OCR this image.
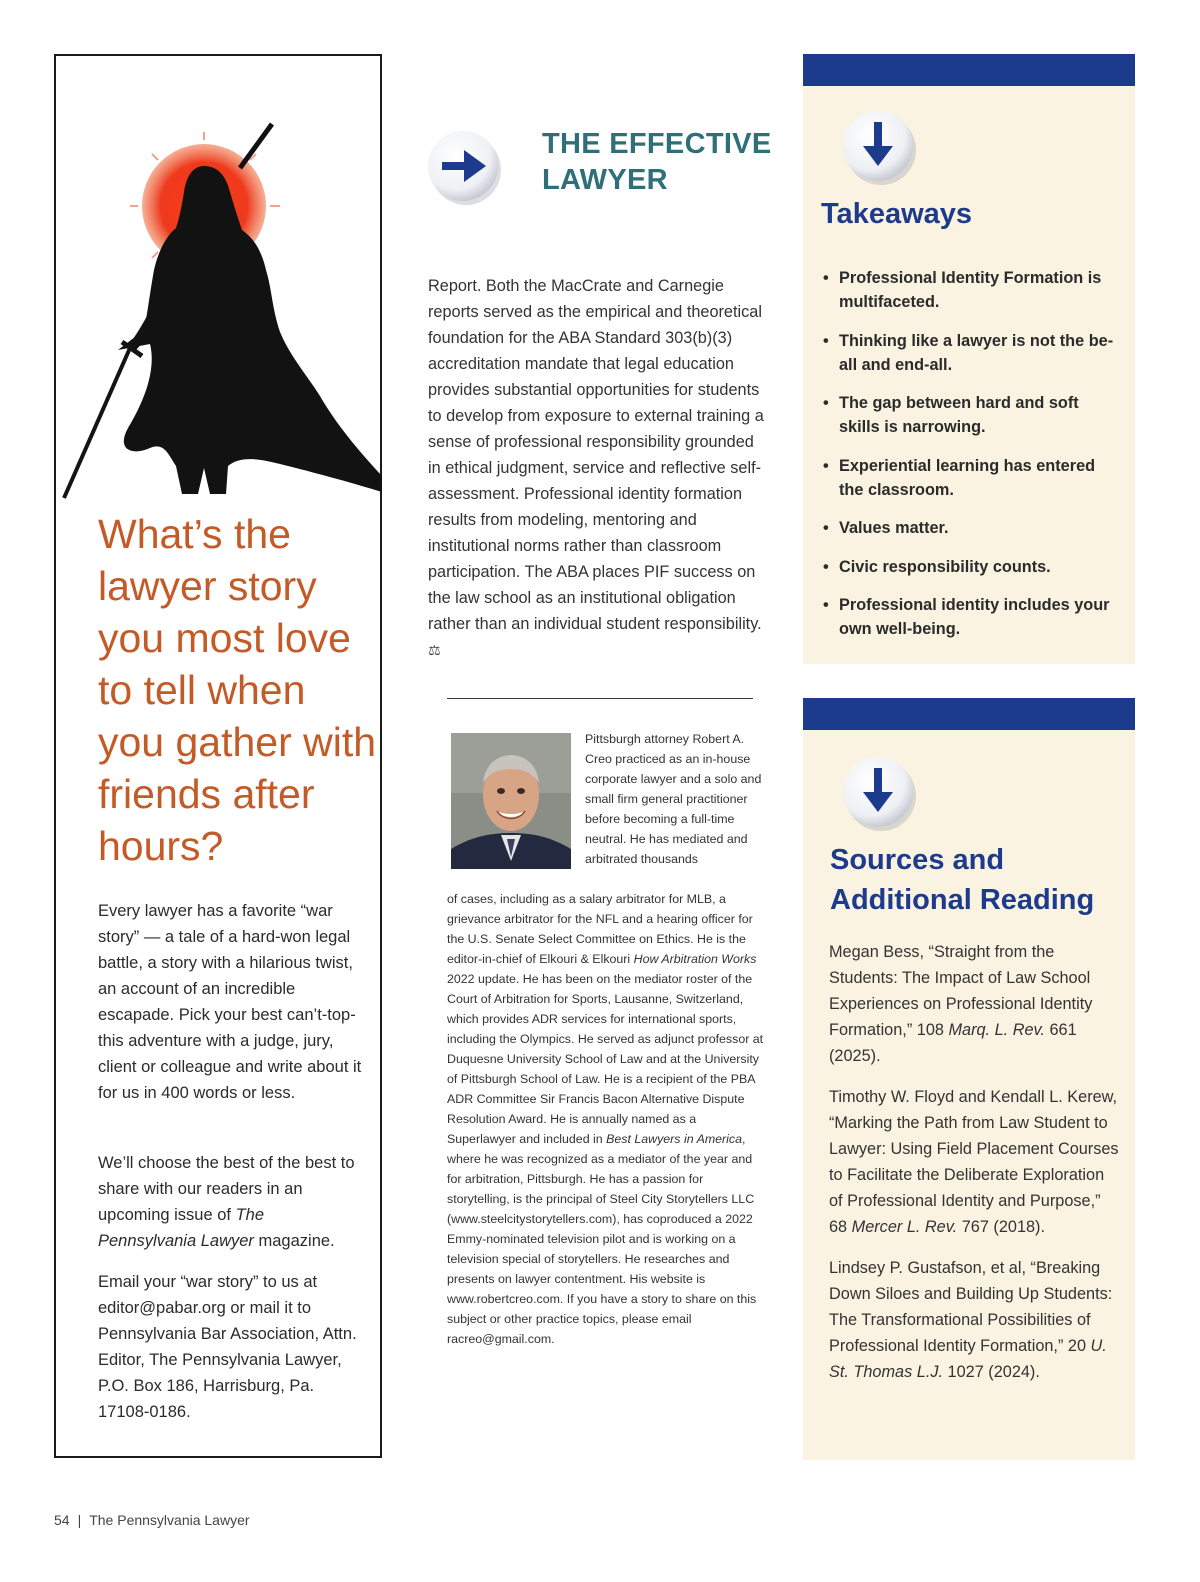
What’s the lawyer story you most love to tell when you gather with friends after hours?

Every lawyer has a favorite “war story” — a tale of a hard-won legal battle, a story with a hilarious twist, an account of an incredible escapade. Pick your best can’t-top-this adventure with a judge, jury, client or colleague and write about it for us in 400 words or less.

We’ll choose the best of the best to share with our readers in an upcoming issue of The Pennsylvania Lawyer magazine.

Email your “war story” to us at editor@pabar.org or mail it to Pennsylvania Bar Association, Attn. Editor, The Pennsylvania Lawyer, P.O. Box 186, Harrisburg, Pa. 17108-0186.

THE EFFECTIVE
LAWYER

Report. Both the MacCrate and Carnegie reports served as the empirical and theoretical foundation for the ABA Standard 303(b)(3) accreditation mandate that legal education provides substantial opportunities for students to develop from exposure to external training a sense of professional responsibility grounded in ethical judgment, service and reflective self-assessment. Professional identity formation results from modeling, mentoring and institutional norms rather than classroom participation. The ABA places PIF success on the law school as an institutional obligation rather than an individual student responsibility. ⚖

Pittsburgh attorney Robert A. Creo practiced as an in-house corporate lawyer and a solo and small firm general practitioner before becoming a full-time neutral. He has mediated and arbitrated thousands

of cases, including as a salary arbitrator for MLB, a grievance arbitrator for the NFL and a hearing officer for the U.S. Senate Select Committee on Ethics. He is the editor-in-chief of Elkouri & Elkouri How Arbitration Works 2022 update. He has been on the mediator roster of the Court of Arbitration for Sports, Lausanne, Switzerland, which provides ADR services for international sports, including the Olympics. He served as adjunct professor at Duquesne University School of Law and at the University of Pittsburgh School of Law. He is a recipient of the PBA ADR Committee Sir Francis Bacon Alternative Dispute Resolution Award. He is annually named as a Superlawyer and included in Best Lawyers in America, where he was recognized as a mediator of the year and for arbitration, Pittsburgh. He has a passion for storytelling, is the principal of Steel City Storytellers LLC (www.steelcitystorytellers.com), has coproduced a 2022 Emmy-nominated television pilot and is working on a television special of storytellers. He researches and presents on lawyer contentment. His website is www.robertcreo.com. If you have a story to share on this subject or other practice topics, please email racreo@gmail.com.

Takeaways
• Professional Identity Formation is multifaceted.
• Thinking like a lawyer is not the be-all and end-all.
• The gap between hard and soft skills is narrowing.
• Experiential learning has entered the classroom.
• Values matter.
• Civic responsibility counts.
• Professional identity includes your own well-being.
Sources and Additional Reading

Megan Bess, “Straight from the Students: The Impact of Law School Experiences on Professional Identity Formation,” 108 Marq. L. Rev. 661 (2025).

Timothy W. Floyd and Kendall L. Kerew, “Marking the Path from Law Student to Lawyer: Using Field Placement Courses to Facilitate the Deliberate Exploration of Professional Identity and Purpose,” 68 Mercer L. Rev. 767 (2018).

Lindsey P. Gustafson, et al, “Breaking Down Siloes and Building Up Students: The Transformational Possibilities of Professional Identity Formation,” 20 U. St. Thomas L.J. 1027 (2024).

54 | The Pennsylvania Lawyer
